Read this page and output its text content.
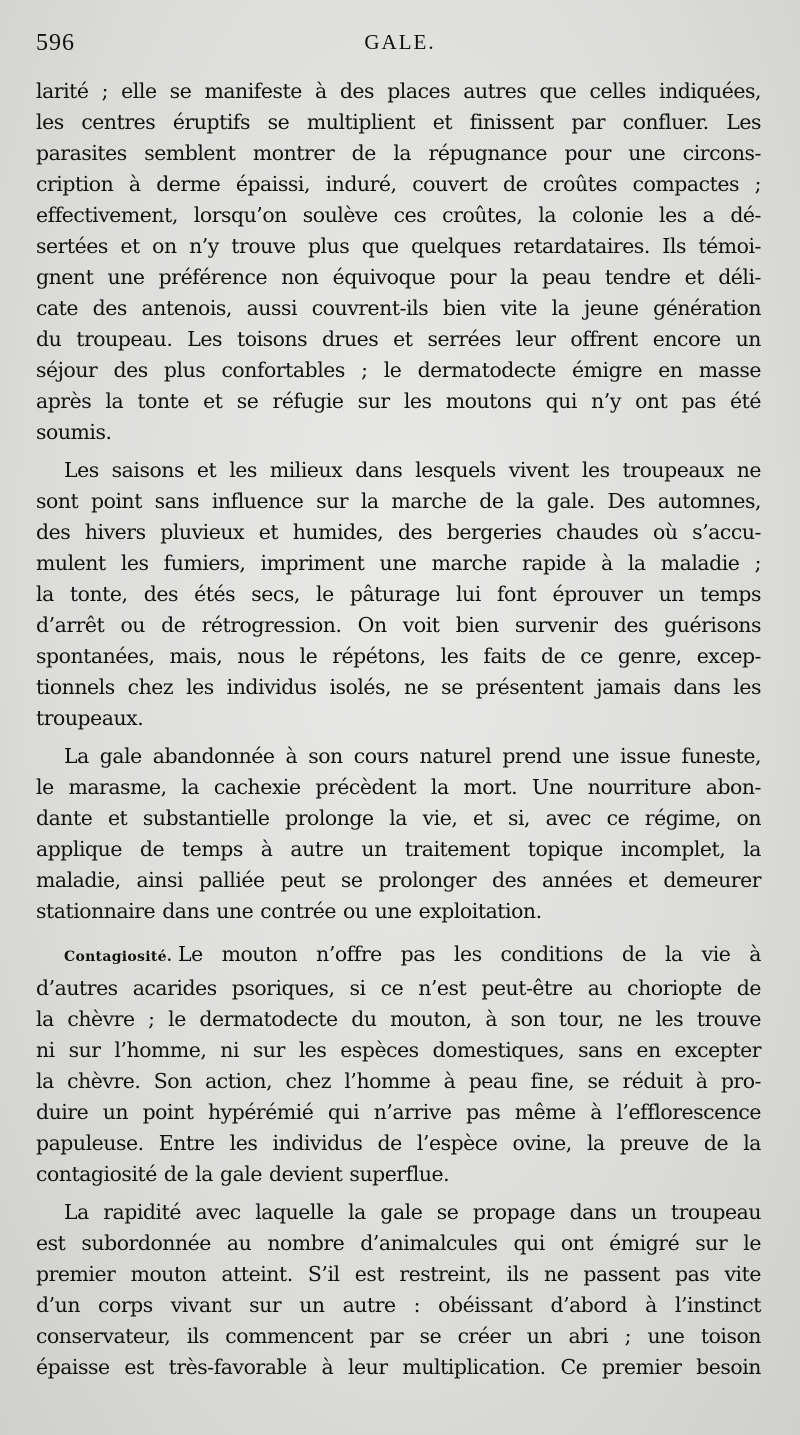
596	GALE.
larité ; elle se manifeste à des places autres que celles indiquées,
les centres éruptifs se multiplient et finissent par confluer. Les
parasites semblent montrer de la répugnance pour une circons-
cription à derme épaissi, induré, couvert de croûtes compactes ;
effectivement, lorsqu’on soulève ces croûtes, la colonie les a dé-
sertées et on n’y trouve plus que quelques retardataires. Ils témoi-
gnent une préférence non équivoque pour la peau tendre et déli-
cate des antenois, aussi couvrent-ils bien vite la jeune génération
du troupeau. Les toisons drues et serrées leur offrent encore un
séjour des plus confortables ; le dermatodecte émigre en masse
après la tonte et se réfugie sur les moutons qui n’y ont pas été
soumis.
Les saisons et les milieux dans lesquels vivent les troupeaux ne
sont point sans influence sur la marche de la gale. Des automnes,
des hivers pluvieux et humides, des bergeries chaudes où s’accu-
mulent les fumiers, impriment une marche rapide à la maladie ;
la tonte, des étés secs, le pâturage lui font éprouver un temps
d’arrêt ou de rétrogression. On voit bien survenir des guérisons
spontanées, mais, nous le répétons, les faits de ce genre, excep-
tionnels chez les individus isolés, ne se présentent jamais dans les
troupeaux.
La gale abandonnée à son cours naturel prend une issue funeste,
le marasme, la cachexie précèdent la mort. Une nourriture abon-
dante et substantielle prolonge la vie, et si, avec ce régime, on
applique de temps à autre un traitement topique incomplet, la
maladie, ainsi palliée peut se prolonger des années et demeurer
stationnaire dans une contrée ou une exploitation.
Contagiosité. Le mouton n’offre pas les conditions de la vie à
d’autres acarides psoriques, si ce n’est peut-être au choriopte de
la chèvre ; le dermatodecte du mouton, à son tour, ne les trouve
ni sur l’homme, ni sur les espèces domestiques, sans en excepter
la chèvre. Son action, chez l’homme à peau fine, se réduit à pro-
duire un point hypérémié qui n’arrive pas même à l’efflorescence
papuleuse. Entre les individus de l’espèce ovine, la preuve de la
contagiosité de la gale devient superflue.
La rapidité avec laquelle la gale se propage dans un troupeau
est subordonnée au nombre d’animalcules qui ont émigré sur le
premier mouton atteint. S’il est restreint, ils ne passent pas vite
d’un corps vivant sur un autre : obéissant d’abord à l’instinct
conservateur, ils commencent par se créer un abri ; une toison
épaisse est très-favorable à leur multiplication. Ce premier besoin
